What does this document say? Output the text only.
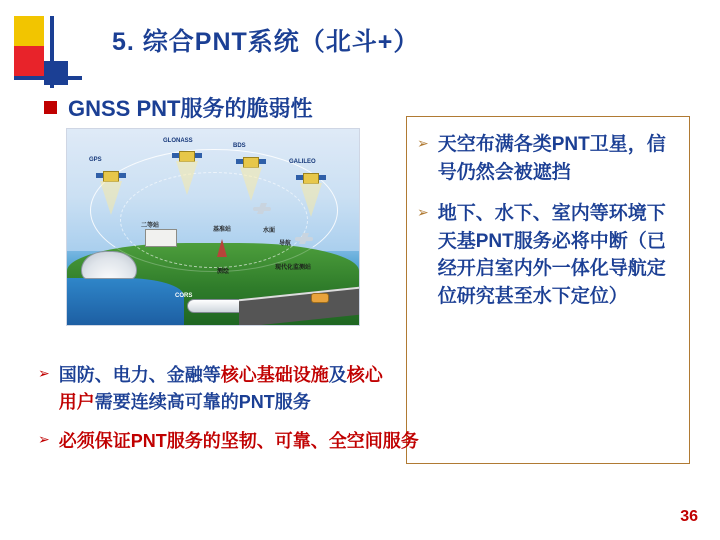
5. 综合PNT系统（北斗+）
GNSS PNT服务的脆弱性
GPS
GLONASS
BDS
GALILEO
水面
二等站
基准站
测绘
导航
现代化监测站
CORS
➢ 天空布满各类PNT卫星，信号仍然会被遮挡
➢ 地下、水下、室内等环境下天基PNT服务必将中断（已经开启室内外一体化导航定位研究甚至水下定位）
➢ 国防、电力、金融等核心基础设施及核心用户需要连续高可靠的PNT服务
➢ 必须保证PNT服务的坚韧、可靠、全空间服务
36
